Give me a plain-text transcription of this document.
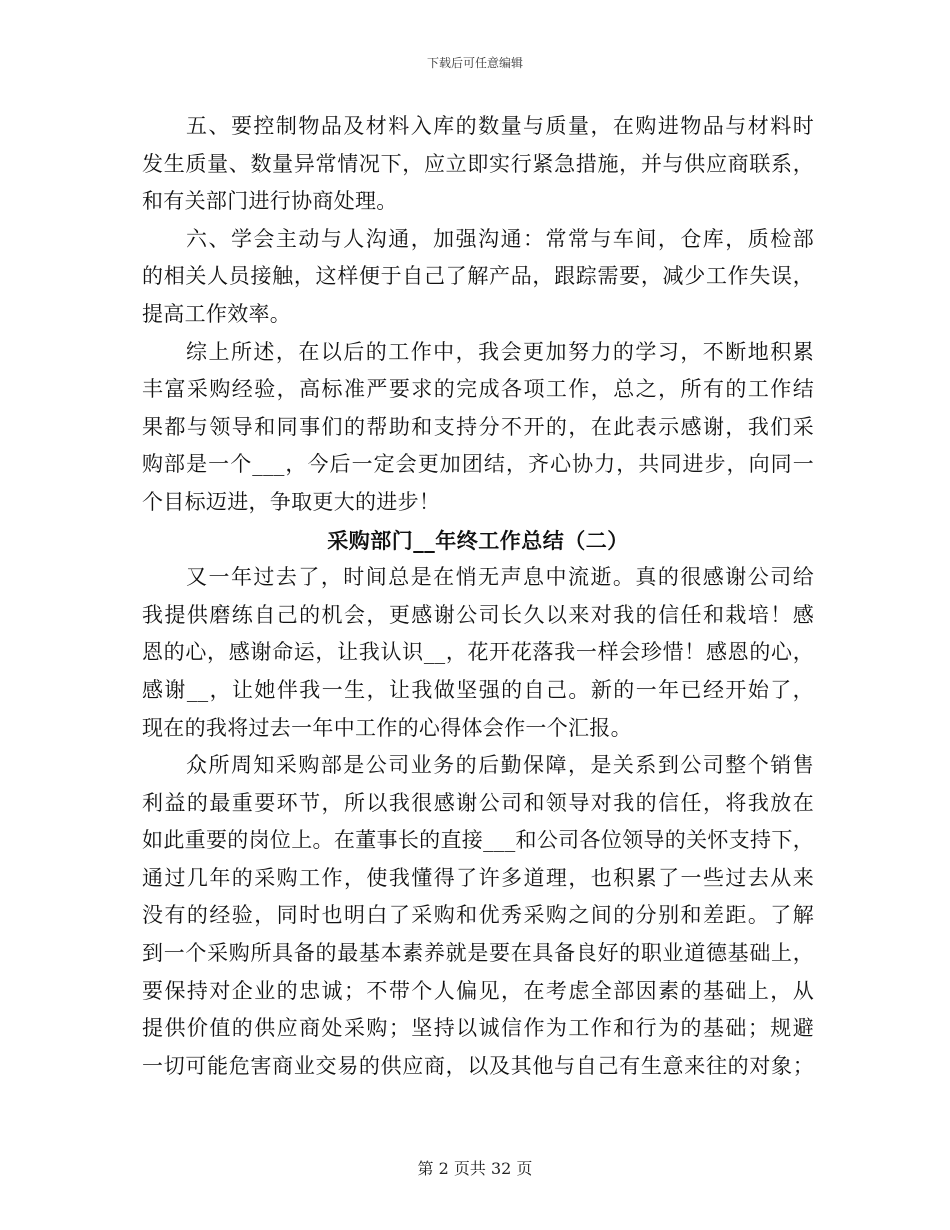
下载后可任意编辑
五、要控制物品及材料入库的数量与质量，在购进物品与材料时
发生质量、数量异常情况下，应立即实行紧急措施，并与供应商联系，
和有关部门进行协商处理。
六、学会主动与人沟通，加强沟通：常常与车间，仓库，质检部
的相关人员接触，这样便于自己了解产品，跟踪需要，减少工作失误，
提高工作效率。
综上所述，在以后的工作中，我会更加努力的学习，不断地积累
丰富采购经验，高标准严要求的完成各项工作，总之，所有的工作结
果都与领导和同事们的帮助和支持分不开的，在此表示感谢，我们采
购部是一个___，今后一定会更加团结，齐心协力，共同进步，向同一
个目标迈进，争取更大的进步！
采购部门__年终工作总结（二）
又一年过去了，时间总是在悄无声息中流逝。真的很感谢公司给
我提供磨练自己的机会，更感谢公司长久以来对我的信任和栽培！感
恩的心，感谢命运，让我认识__，花开花落我一样会珍惜！感恩的心，
感谢__，让她伴我一生，让我做坚强的自己。新的一年已经开始了，
现在的我将过去一年中工作的心得体会作一个汇报。
众所周知采购部是公司业务的后勤保障，是关系到公司整个销售
利益的最重要环节，所以我很感谢公司和领导对我的信任，将我放在
如此重要的岗位上。在董事长的直接___和公司各位领导的关怀支持下，
通过几年的采购工作，使我懂得了许多道理，也积累了一些过去从来
没有的经验，同时也明白了采购和优秀采购之间的分别和差距。了解
到一个采购所具备的最基本素养就是要在具备良好的职业道德基础上，
要保持对企业的忠诚；不带个人偏见，在考虑全部因素的基础上，从
提供价值的供应商处采购；坚持以诚信作为工作和行为的基础；规避
一切可能危害商业交易的供应商，以及其他与自己有生意来往的对象；
第 2 页共 32 页
